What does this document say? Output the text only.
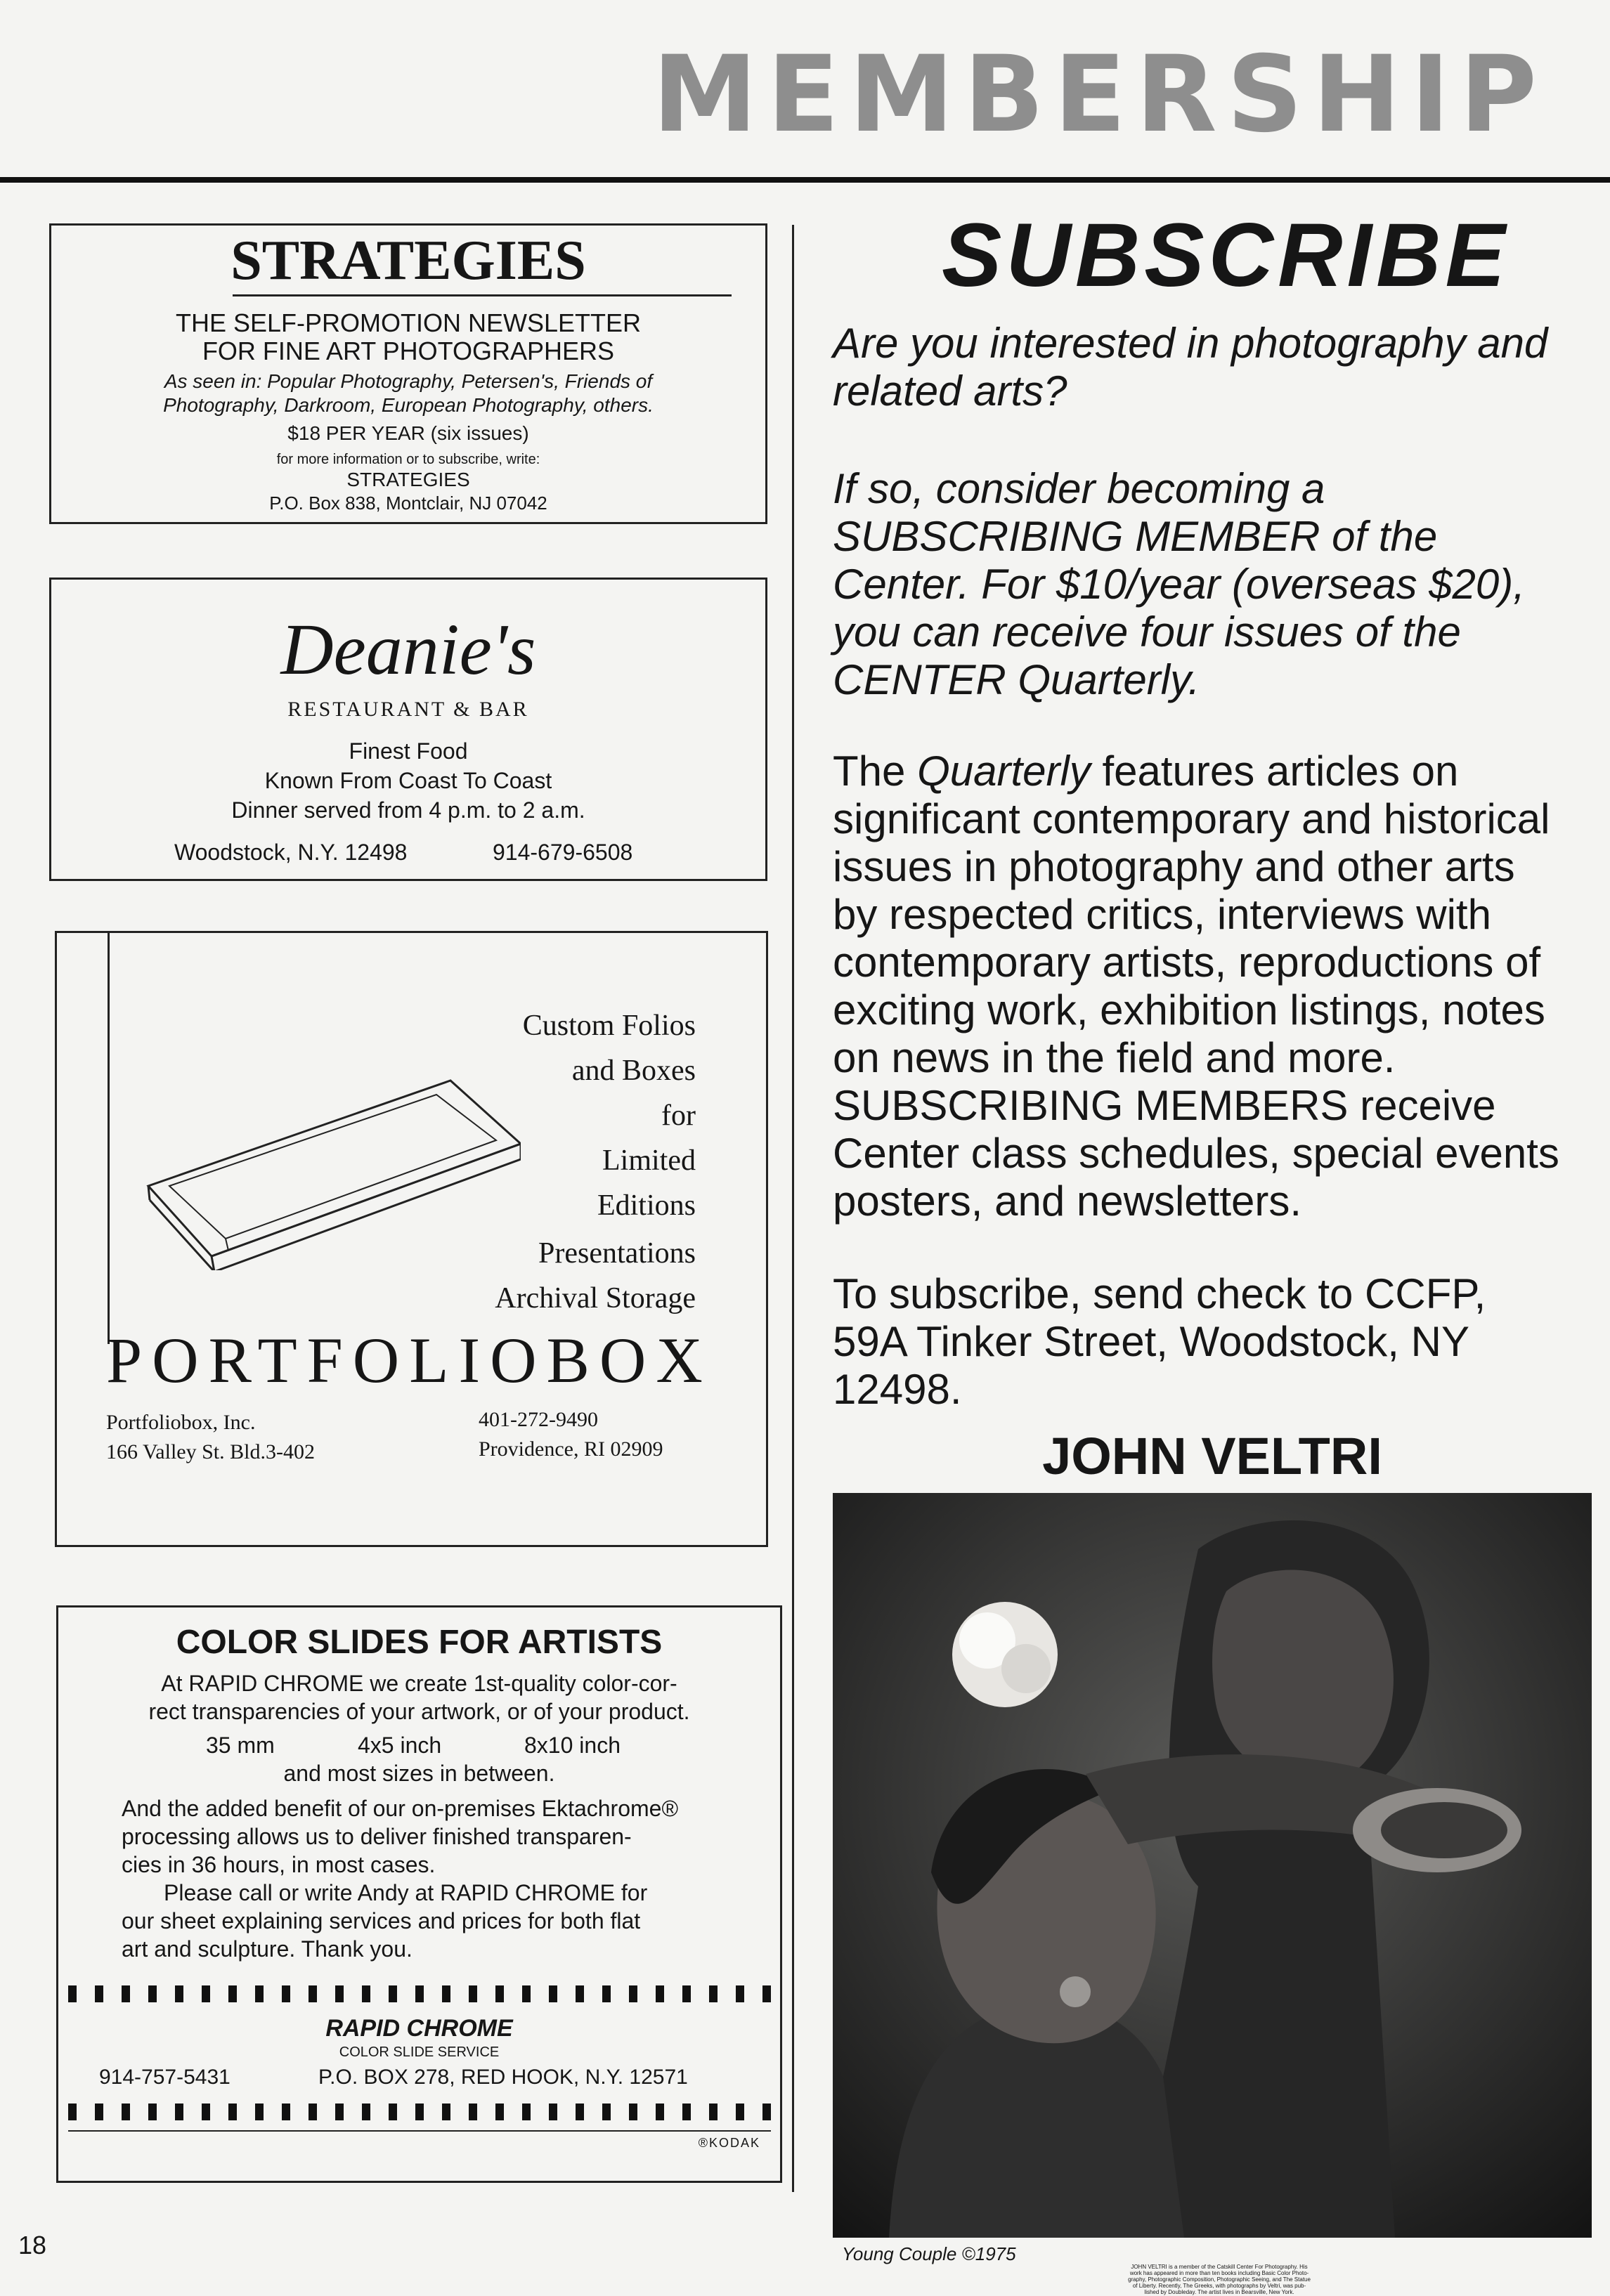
MEMBERSHIP
STRATEGIES
THE SELF-PROMOTION NEWSLETTER
FOR FINE ART PHOTOGRAPHERS
As seen in: Popular Photography, Petersen's, Friends of
Photography, Darkroom, European Photography, others.
$18 PER YEAR (six issues)
for more information or to subscribe, write:
STRATEGIES
P.O. Box 838, Montclair, NJ 07042
Deanie's
RESTAURANT & BAR
Finest Food
Known From Coast To Coast
Dinner served from 4 p.m. to 2 a.m.
Woodstock, N.Y. 12498	914-679-6508
Custom Folios
and Boxes
for
Limited
Editions
Presentations
Archival Storage
PORTFOLIOBOX
Portfoliobox, Inc.
166 Valley St. Bld.3-402
401-272-9490
Providence, RI 02909
COLOR SLIDES FOR ARTISTS
At RAPID CHROME we create 1st-quality color-cor-
rect transparencies of your artwork, or of your product.
35 mm	4x5 inch	8x10 inch
and most sizes in between.
And the added benefit of our on-premises Ektachrome®
processing allows us to deliver finished transparen-
cies in 36 hours, in most cases.
Please call or write Andy at RAPID CHROME for
our sheet explaining services and prices for both flat
art and sculpture. Thank you.
RAPID CHROME
COLOR SLIDE SERVICE
914-757-5431	P.O. BOX 278, RED HOOK, N.Y. 12571
®KODAK
SUBSCRIBE
Are you interested in photography and
related arts?
If so, consider becoming a
SUBSCRIBING MEMBER of the
Center. For $10/year (overseas $20),
you can receive four issues of the
CENTER Quarterly.
The Quarterly features articles on
significant contemporary and historical
issues in photography and other arts
by respected critics, interviews with
contemporary artists, reproductions of
exciting work, exhibition listings, notes
on news in the field and more.
SUBSCRIBING MEMBERS receive
Center class schedules, special events
posters, and newsletters.
To subscribe, send check to CCFP,
59A Tinker Street, Woodstock, NY
12498.
JOHN VELTRI
Young Couple ©1975
JOHN VELTRI is a member of the Catskill Center For Photography. His
work has appeared in more than ten books including Basic Color Photo-
graphy, Photographic Composition, Photographic Seeing, and The Statue
of Liberty. Recently, The Greeks, with photographs by Veltri, was pub-
lished by Doubleday. The artist lives in Bearsville, New York.
18
